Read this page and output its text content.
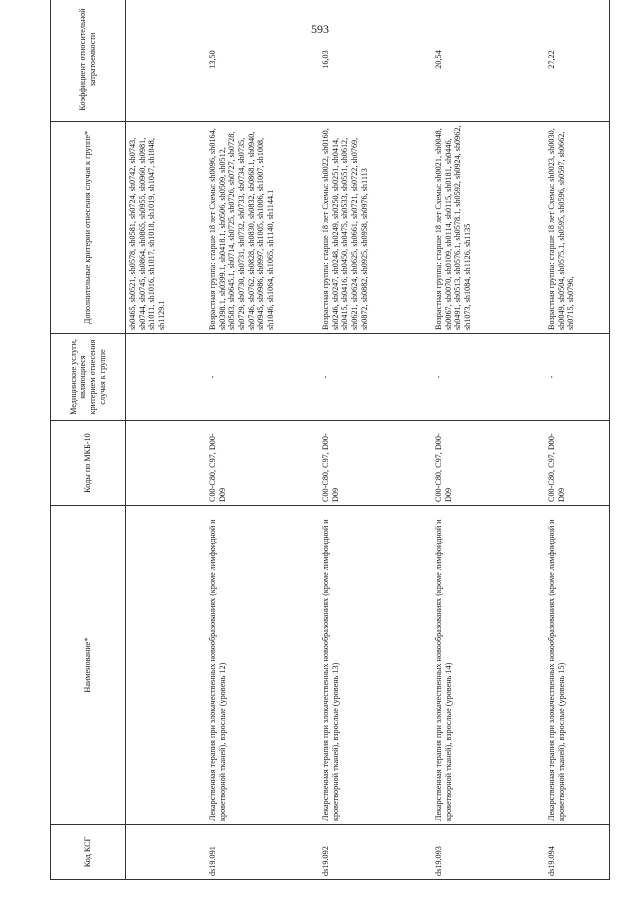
593
Код КСГ	Наименование*	Коды по МКБ-10	Медицинские услуги, являющиеся критерием отнесения случая к группе	Дополнительные критерии отнесения случая к группе*	Коэффициент относительной затратоемкости
				sh0465, sh0521, sh0578, sh0581, sh0724, sh0742, sh0743, sh0744, sh0745, sh0864, sh0865, sh0955, sh0960, sh0981, sh1011, sh1016, sh1017, sh1018, sh1019, sh1047, sh1048, sh1129.1	
ds19.091	Лекарственная терапия при злокачественных новообразованиях (кроме лимфоидной и кроветворной тканей), взрослые (уровень 12)	C00-C80, C97, D00-D09	-	Возрастная группа: старше 18 лет Схемы: sh0096, sh0164, sh0398.1, sh0399.1, sh0418.1, sh0506, sh0509, sh0512, sh0583, sh0645.1, sh0714, sh0725, sh0726, sh0727, sh0728, sh0729, sh0730, sh0731, sh0732, sh0733, sh0734, sh0735, sh0746, sh0762, sh0828, sh0830, sh0832, sh0868.1, sh0940, sh0945, sh0986, sh0997, sh1005, sh1006, sh1007, sh1008, sh1046, sh1064, sh1065, sh1140, sh1144.1	13,50
ds19.092	Лекарственная терапия при злокачественных новообразованиях (кроме лимфоидной и кроветворной тканей), взрослые (уровень 13)	C00-C80, C97, D00-D09	-	Возрастная группа: старше 18 лет Схемы: sh0022, sh0160, sh0246, sh0247, sh0248, sh0249, sh0250, sh0251, sh0414, sh0415, sh0416, sh0450, sh0475, sh0533, sh0551, sh0612, sh0621, sh0624, sh0625, sh0661, sh0721, sh0722, sh0769, sh0872, sh0882, sh0925, sh0958, sh0976, sh1113	16,03
ds19.093	Лекарственная терапия при злокачественных новообразованиях (кроме лимфоидной и кроветворной тканей), взрослые (уровень 14)	C00-C80, C97, D00-D09	-	Возрастная группа: старше 18 лет Схемы: sh0021, sh0048, sh0067, sh0070, sh0109, sh0114, sh0115, sh0181, sh0446, sh0491, sh0513, sh0576.1, sh0578.1, sh0592, sh0924, sh0962, sh1073, sh1084, sh1126, sh1135	20,54
ds19.094	Лекарственная терапия при злокачественных новообразованиях (кроме лимфоидной и кроветворной тканей), взрослые (уровень 15)	C00-C80, C97, D00-D09	-	Возрастная группа: старше 18 лет Схемы: sh0023, sh0030, sh0049, sh0504, sh0575.1, sh0595, sh0596, sh0597, sh0662, sh0715, sh0796,	27,22
